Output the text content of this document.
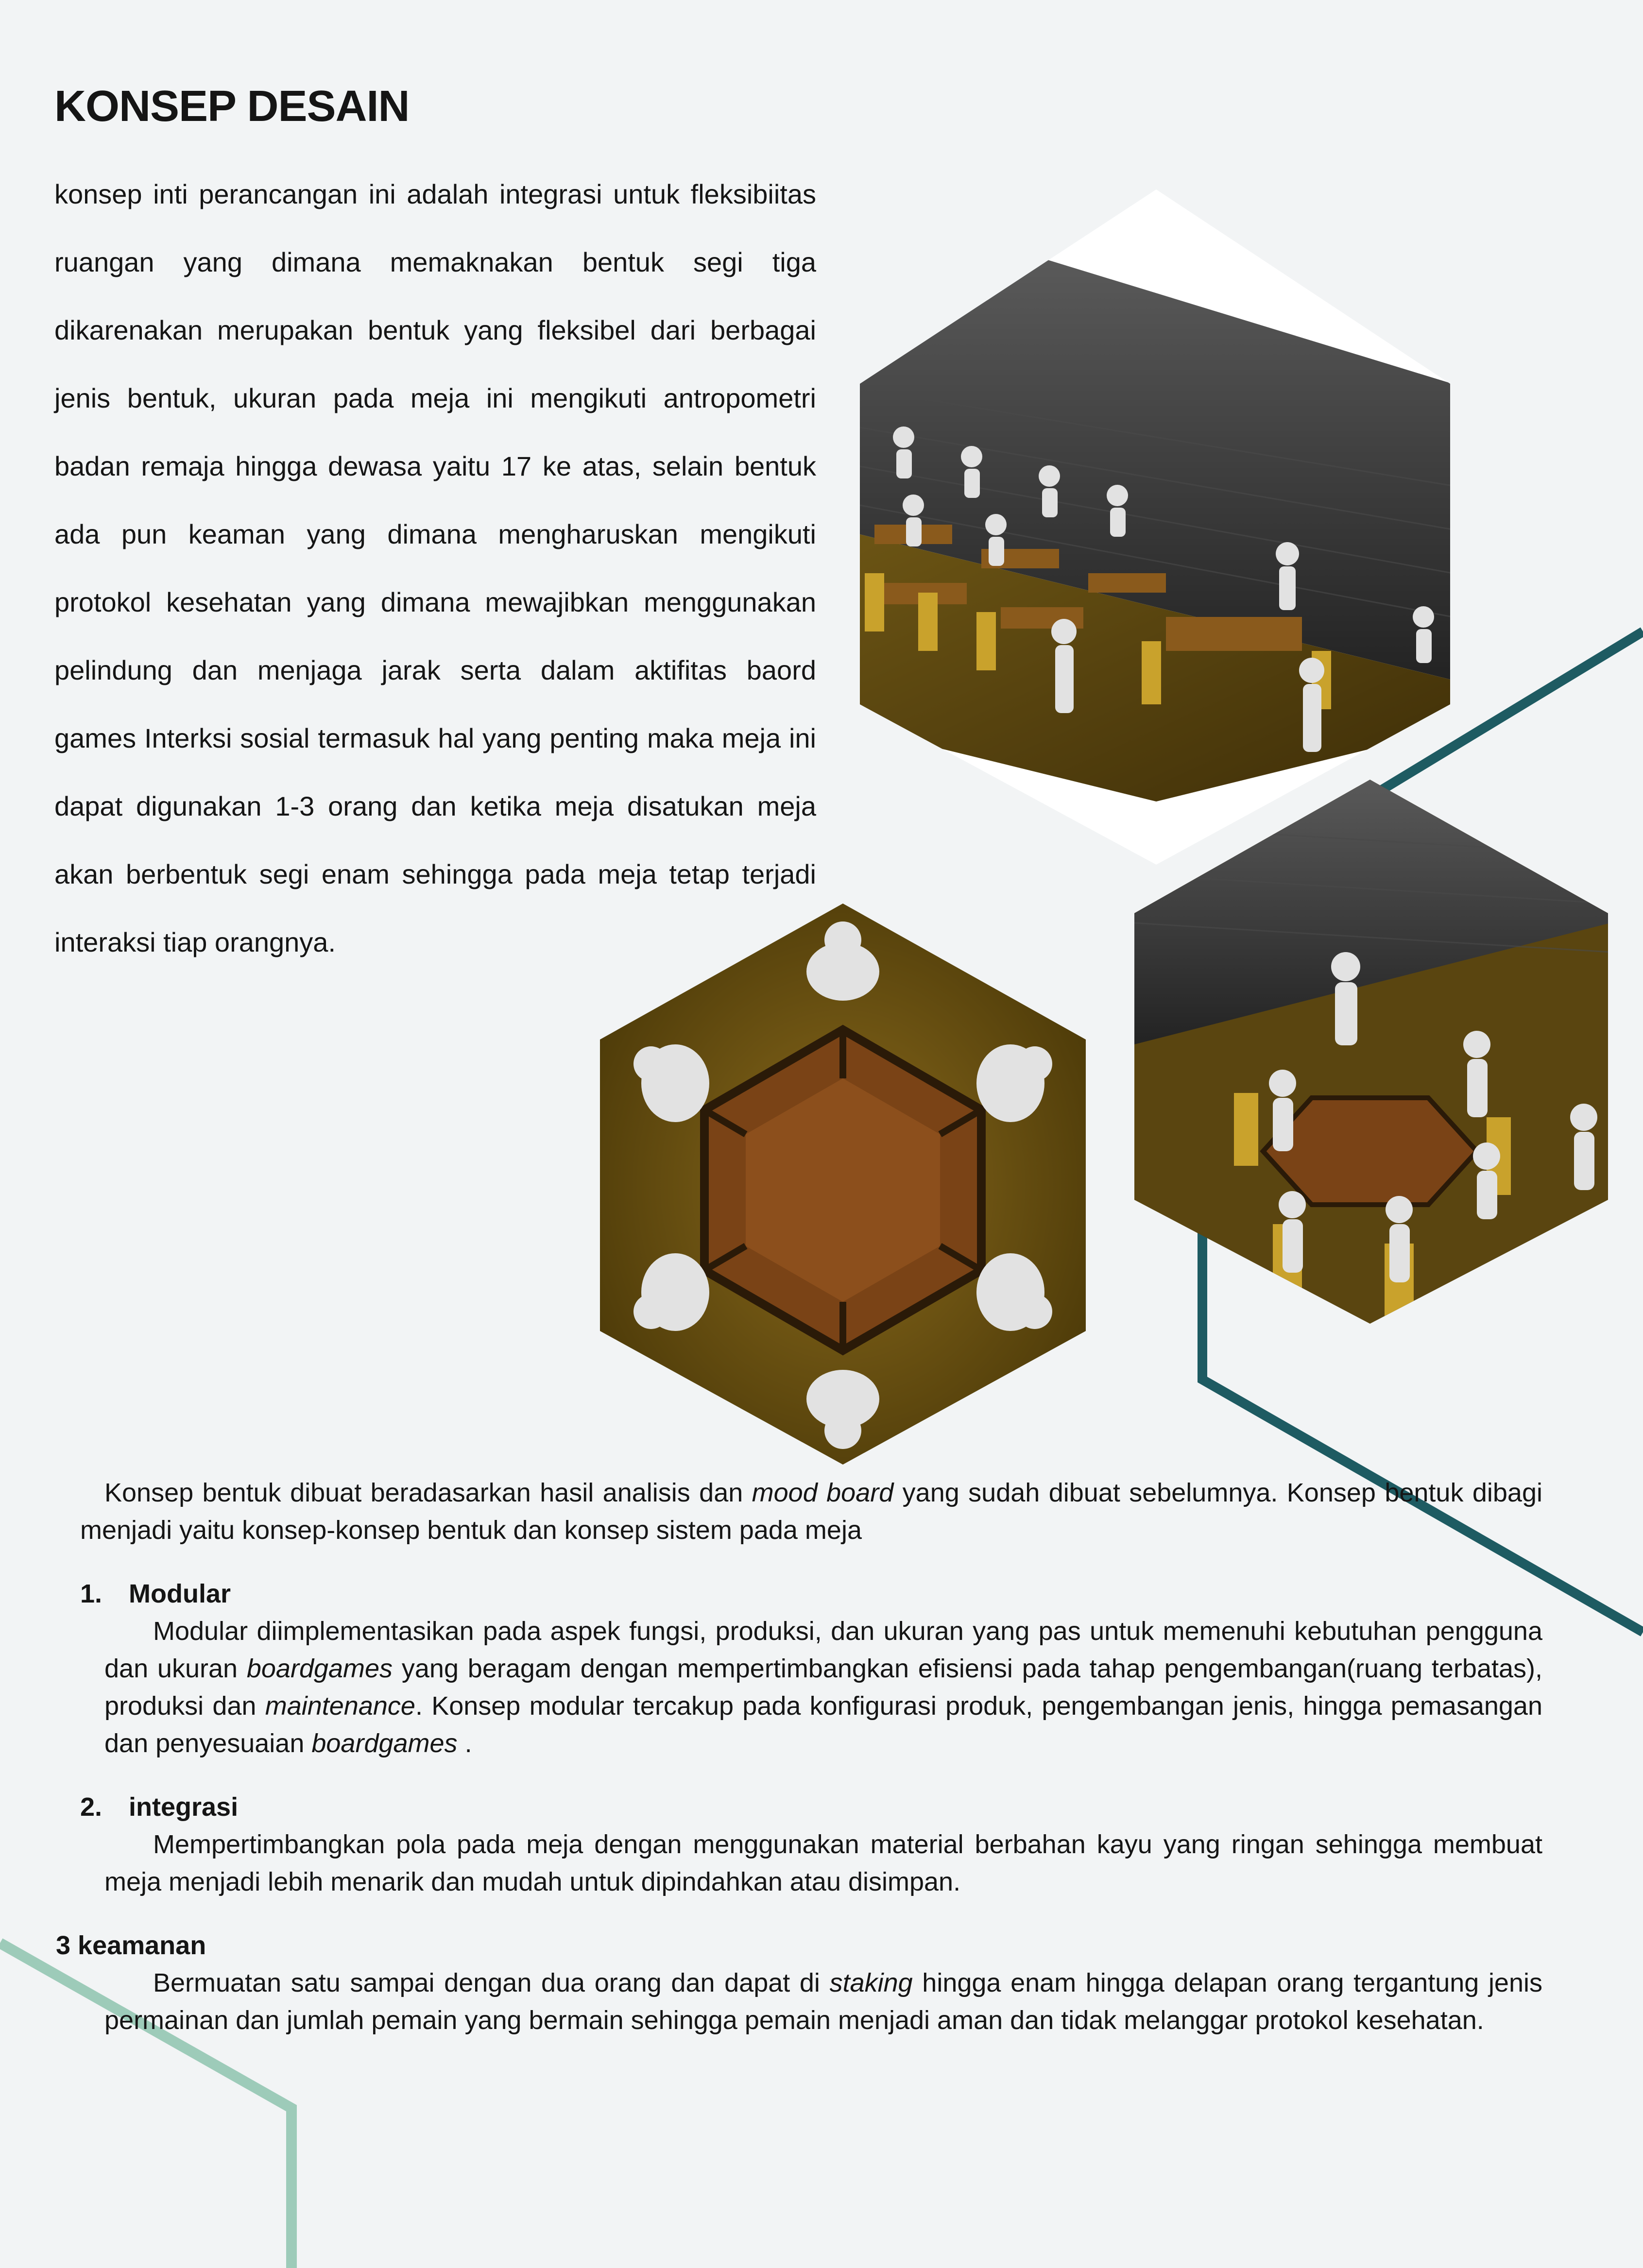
KONSEP DESAIN

konsep inti perancangan ini adalah integrasi untuk fleksibiitas ruangan yang dimana memaknakan bentuk segi tiga dikarenakan merupakan bentuk yang fleksibel dari berbagai jenis bentuk, ukuran pada meja ini mengikuti antropometri badan remaja hingga dewasa yaitu 17 ke atas, selain bentuk ada pun keaman yang dimana mengharuskan mengikuti protokol kesehatan yang dimana mewajibkan menggunakan pelindung dan menjaga jarak serta dalam aktifitas baord games Interksi sosial termasuk hal yang penting maka meja ini dapat digunakan 1-3 orang dan ketika meja disatukan meja akan berbentuk segi enam sehingga pada meja tetap terjadi interaksi tiap orangnya.

Konsep bentuk dibuat beradasarkan hasil analisis dan mood board yang sudah dibuat sebelumnya. Konsep bentuk dibagi menjadi yaitu konsep-konsep bentuk dan konsep sistem pada meja

1. Modular

Modular diimplementasikan pada aspek fungsi, produksi, dan ukuran yang pas untuk memenuhi kebutuhan pengguna dan ukuran boardgames yang beragam dengan mempertimbangkan efisiensi pada tahap pengembangan(ruang terbatas), produksi dan maintenance. Konsep modular tercakup pada konfigurasi produk, pengembangan jenis, hingga pemasangan dan penyesuaian boardgames .

2. integrasi

Mempertimbangkan pola pada meja dengan menggunakan material berbahan kayu yang ringan sehingga membuat meja menjadi lebih menarik dan mudah untuk dipindahkan atau disimpan.

3 keamanan

Bermuatan satu sampai dengan dua orang dan dapat di staking hingga enam hingga delapan orang tergantung jenis permainan dan jumlah pemain yang bermain sehingga pemain menjadi aman dan tidak melanggar protokol kesehatan.
